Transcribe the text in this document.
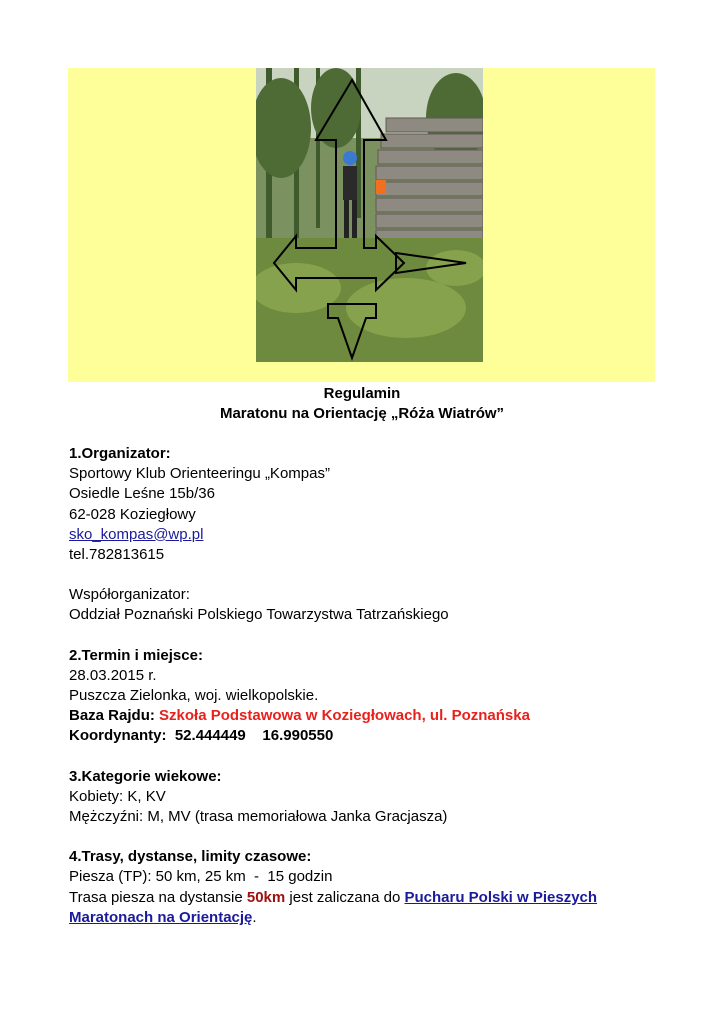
Regulamin
Maratonu na Orientację „Róża Wiatrów”

1.Organizator:

Sportowy Klub Orienteeringu „Kompas”

Osiedle Leśne 15b/36

62-028 Koziegłowy

sko_kompas@wp.pl

tel.782813615

Współorganizator:

Oddział Poznański Polskiego Towarzystwa Tatrzańskiego

2.Termin i miejsce:

28.03.2015 r.

Puszcza Zielonka, woj. wielkopolskie.

Baza Rajdu: Szkoła Podstawowa w Koziegłowach, ul. Poznańska

Koordynanty: 52.444449    16.990550

3.Kategorie wiekowe:

Kobiety: K, KV

Mężczyźni: M, MV (trasa memoriałowa Janka Gracjasza)

4.Trasy, dystanse, limity czasowe:

Piesza (TP): 50 km, 25 km  -  15 godzin

Trasa piesza na dystansie 50km jest zaliczana do Pucharu Polski w Pieszych Maratonach na Orientację.
